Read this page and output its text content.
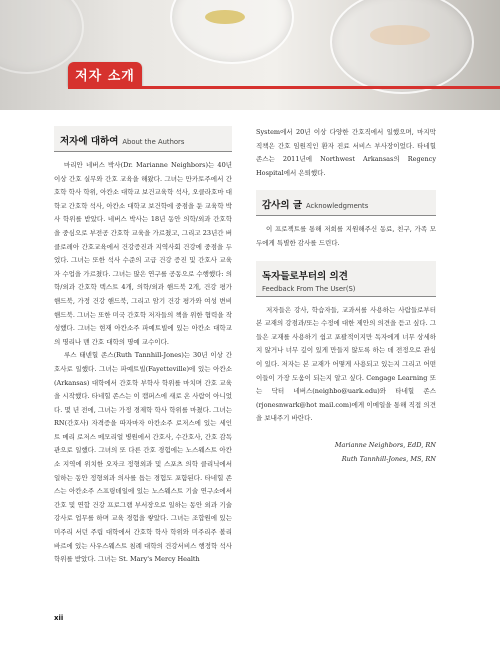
저자 소개
저자에 대하여 About the Authors

마리안 네버스 박사(Dr. Marianne Neighbors)는 40년 이상 간호 실무와 간호 교육을 해왔다. 그녀는 만카토주에서 간호학 학사 학위, 아칸소 대학교 보건교육학 석사, 오클라호마 대학교 간호학 석사, 아칸소 대학교 보건학에 중점을 둔 교육학 박사 학위를 받았다. 네버스 박사는 18년 동안 의학/외과 간호학을 중심으로 부전공 간호학 교육을 가르쳤고, 그리고 23년간 버클로레아 간호교육에서 건강증진과 지역사회 건강에 중점을 두었다. 그녀는 또한 석사 수준의 고급 건강 증진 및 간호사 교육자 수업을 가르쳤다. 그녀는 많은 연구를 공동으로 수행했다: 의학/외과 간호학 텍스트 4개, 의학/외과 핸드북 2개, 건강 평가 핸드북, 가정 건강 핸드북, 그리고 암기 건강 평가와 여성 변비 핸드북. 그녀는 또한 미국 간호학 저자들의 책을 위한 협력을 작성했다. 그녀는 현재 아칸소주 파예트빌에 있는 아칸소 대학교의 명리나 맨 간호 대학의 명예 교수이다.

루스 태넨힐 존스(Ruth Tannhill-Jones)는 30년 이상 간호사로 일했다. 그녀는 파예트빌(Fayetteville)에 있는 아칸소(Arkansas) 대학에서 간호학 부학사 학위를 마치며 간호 교육을 시작했다. 타네힐 존스는 이 캠퍼스에 새로 온 사람이 아니었다. 몇 년 전에, 그녀는 가정 경제학 학사 학위를 마쳤다. 그녀는 RN(간호사) 자격증을 따자마자 아칸소주 로저스에 있는 세인트 메리 로저스 메모리얼 병원에서 간호사, 수간호사, 간호 감독관으로 일했다. 그녀의 또 다른 간호 경험에는 노스웨스트 아칸소 지역에 위치한 오자크 정형외과 및 스포츠 의학 클리닉에서 일하는 동안 정형외과 의사를 돕는 경험도 포함된다. 타네힐 존스는 아칸소주 스프링데일에 있는 노스웨스트 기술 연구소에서 간호 및 연합 건강 프로그램 부서장으로 일하는 동안 외과 기술 강사로 업무를 하며 교육 경험을 쌓았다. 그녀는 조합원에 있는 미주리 서던 주립 대학에서 간호학 학사 학위와 미주리주 볼리바르에 있는 사우스웨스트 침례 대학의 건강서비스 행정학 석사 학위를 받았다. 그녀는 St. Mary's Mercy Health

System에서 20년 이상 다양한 간호직에서 일했으며, 마지막 직책은 간호 임원직인 환자 진료 서비스 부사장이었다. 타네힐 존스는 2011년에 Northwest Arkansas의 Regency Hospital에서 은퇴했다.

감사의 글 Acknowledgments

이 프로젝트를 통해 저희를 지원해주신 동료, 친구, 가족 모두에게 특별한 감사를 드린다.

독자들로부터의 의견
Feedback From The User(S)

저자들은 강사, 학습자들, 교과서를 사용하는 사람들로부터 본 교재의 강점과/또는 수정에 대한 제안의 의견을 듣고 싶다. 그들은 교재를 사용하기 쉽고 포괄적이지만 독자에게 너무 상세하지 않거나 너무 깊이 있게 만들지 않도록 하는 데 전정으로 관심이 있다. 저자는 본 교재가 어떻게 사용되고 있는지 그리고 어떤 이들이 가장 도움이 되는지 알고 싶다. Cengage Learning 또는 닥터 네버스(neighbo@uark.edu)와 타네힐 존스(rjonesnwark@hot mail.com)에게 이메일을 통해 직접 의견을 보내주기 바란다.

Marianne Neighbors, EdD, RN
Ruth Tannhill-Jones, MS, RN
xii
